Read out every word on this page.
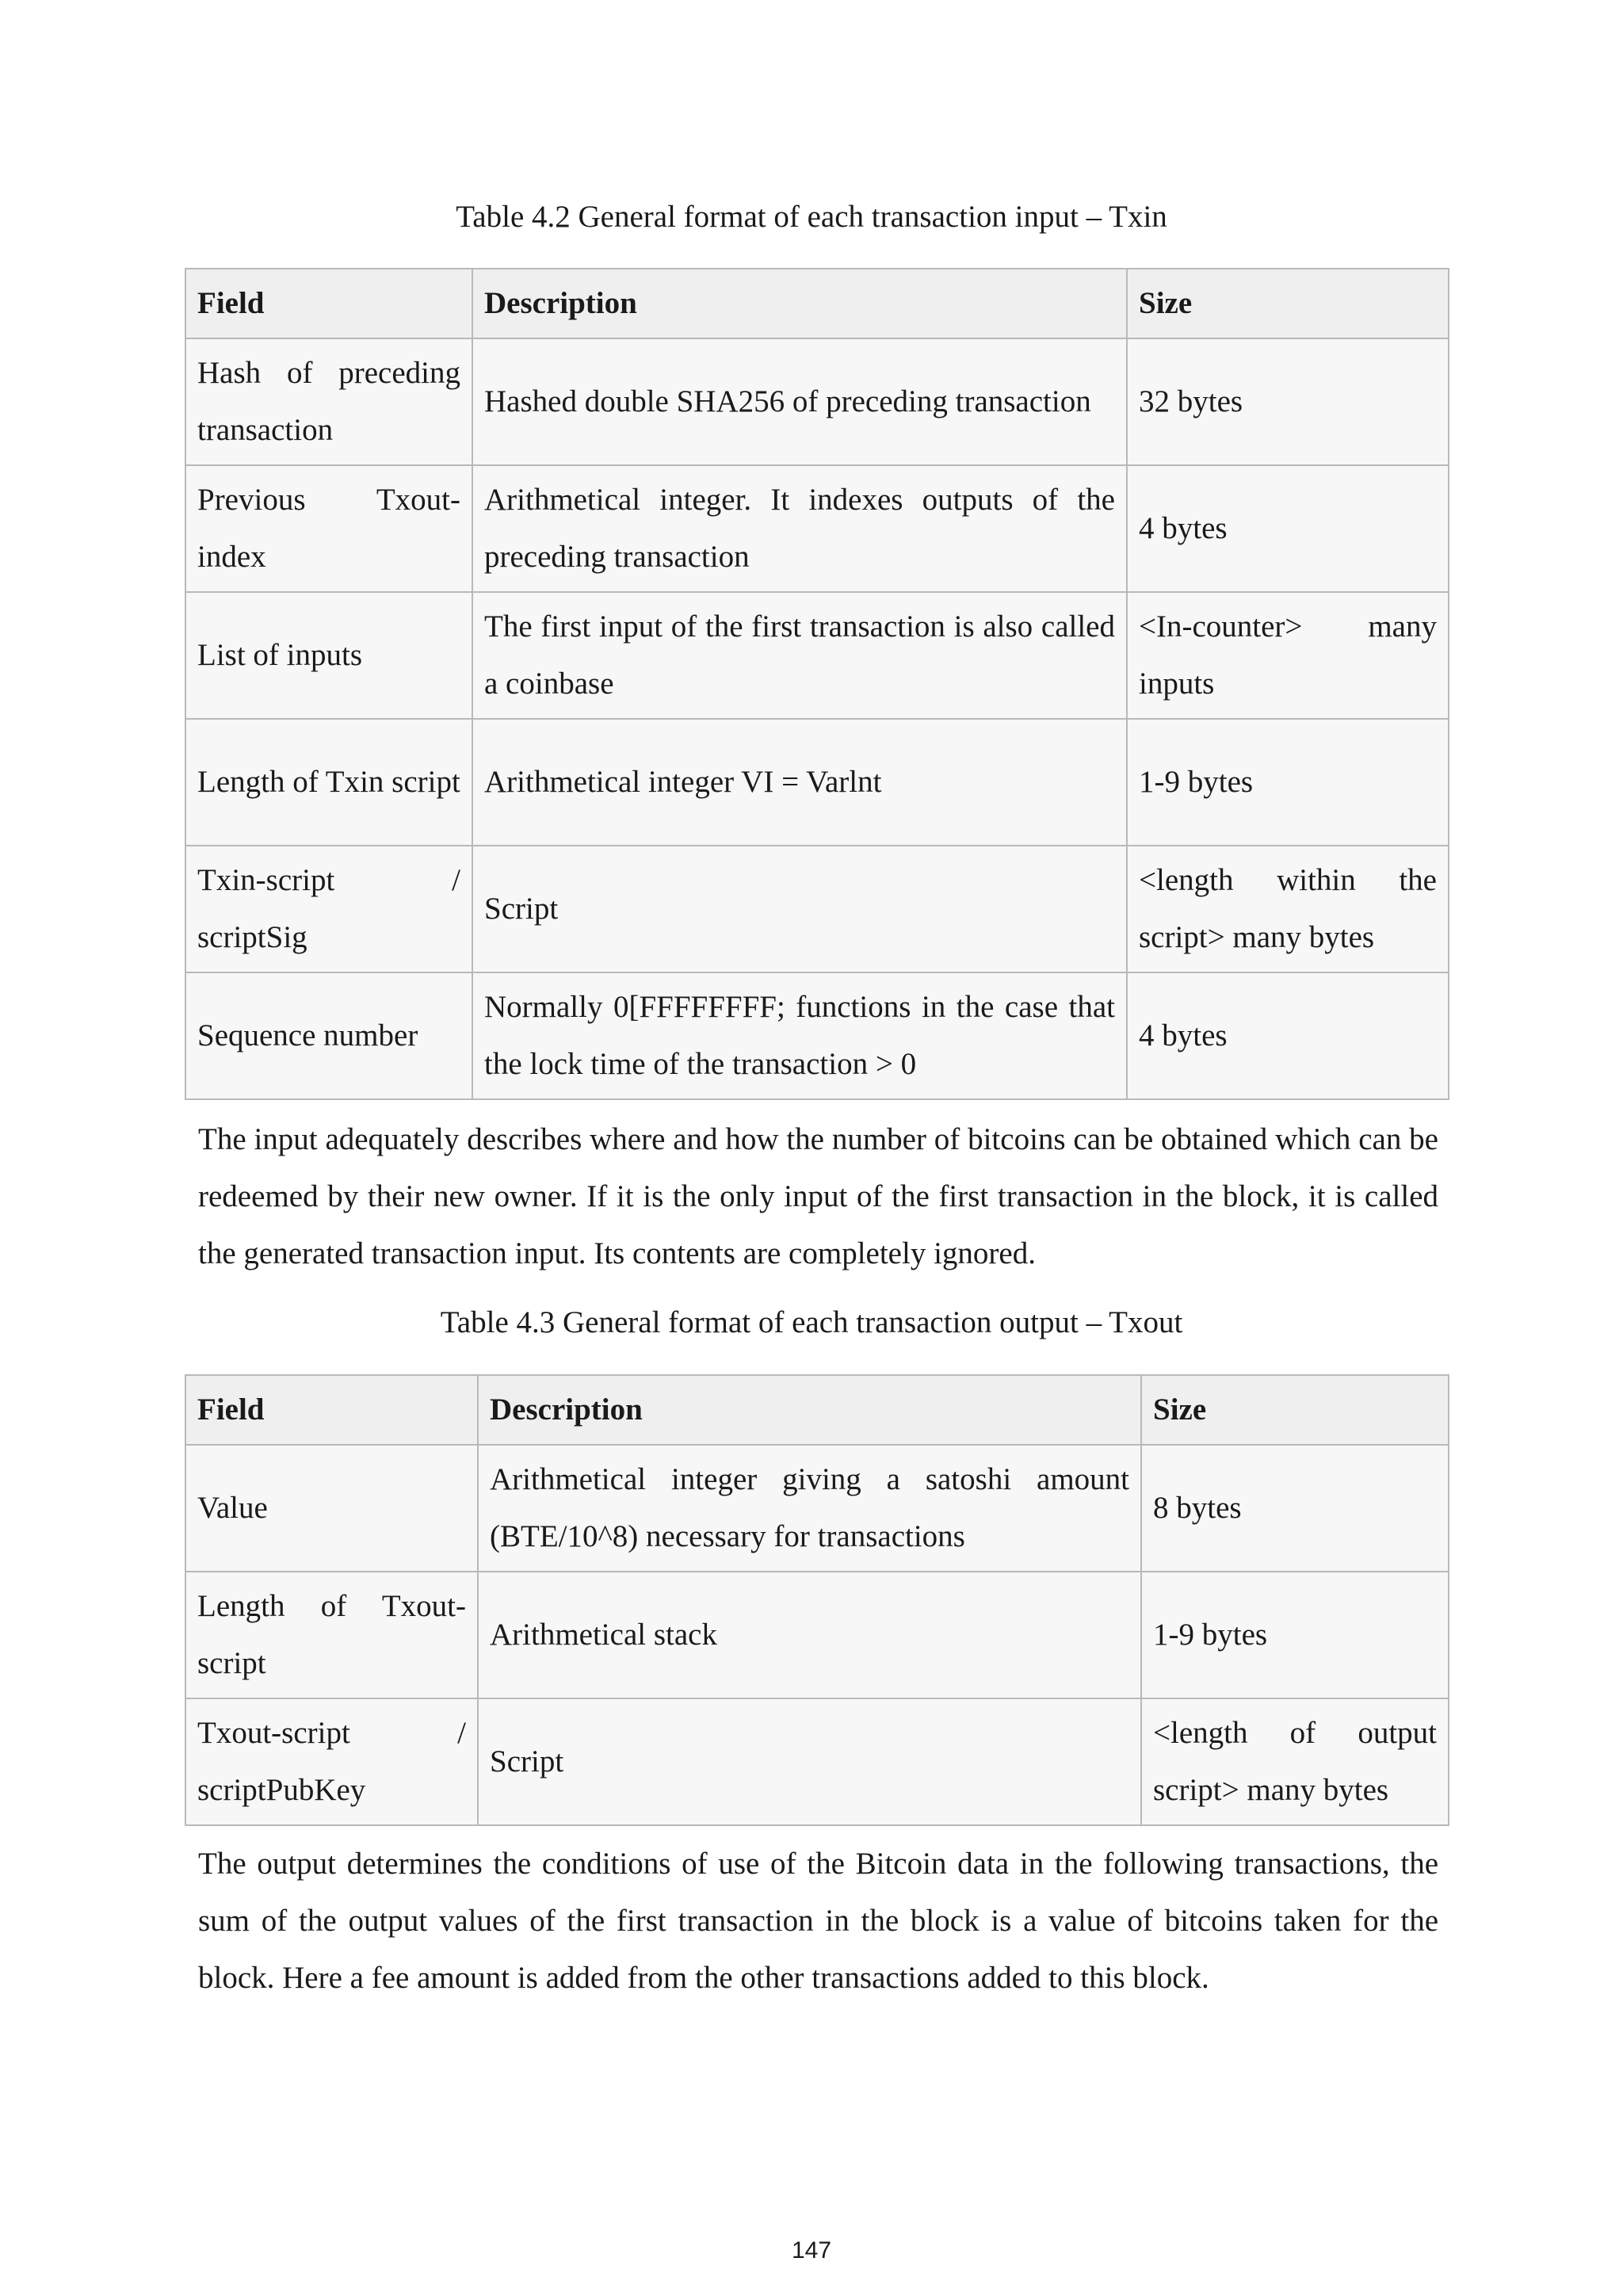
Table 4.2 General format of each transaction input – Txin
Field	Description	Size
Hash of preceding transaction	Hashed double SHA256 of preceding transaction	32 bytes
Previous Txout-index	Arithmetical integer. It indexes outputs of the preceding transaction	4 bytes
List of inputs	The first input of the first transaction is also called a coinbase	<In-counter> many inputs
Length of Txin script	Arithmetical integer VI = Varlnt	1-9 bytes
Txin-script / scriptSig	Script	<length within the script> many bytes
Sequence number	Normally 0[FFFFFFFF; functions in the case that the lock time of the transaction > 0	4 bytes
The input adequately describes where and how the number of bitcoins can be obtained which can be redeemed by their new owner. If it is the only input of the first transaction in the block, it is called the generated transaction input. Its contents are completely ignored.
Table 4.3 General format of each transaction output – Txout
Field	Description	Size
Value	Arithmetical integer giving a satoshi amount (BTE/10^8) necessary for transactions	8 bytes
Length of Txout-script	Arithmetical stack	1-9 bytes
Txout-script / scriptPubKey	Script	<length of output script> many bytes
The output determines the conditions of use of the Bitcoin data in the following transactions, the sum of the output values of the first transaction in the block is a value of bitcoins taken for the block. Here a fee amount is added from the other transactions added to this block.
147
